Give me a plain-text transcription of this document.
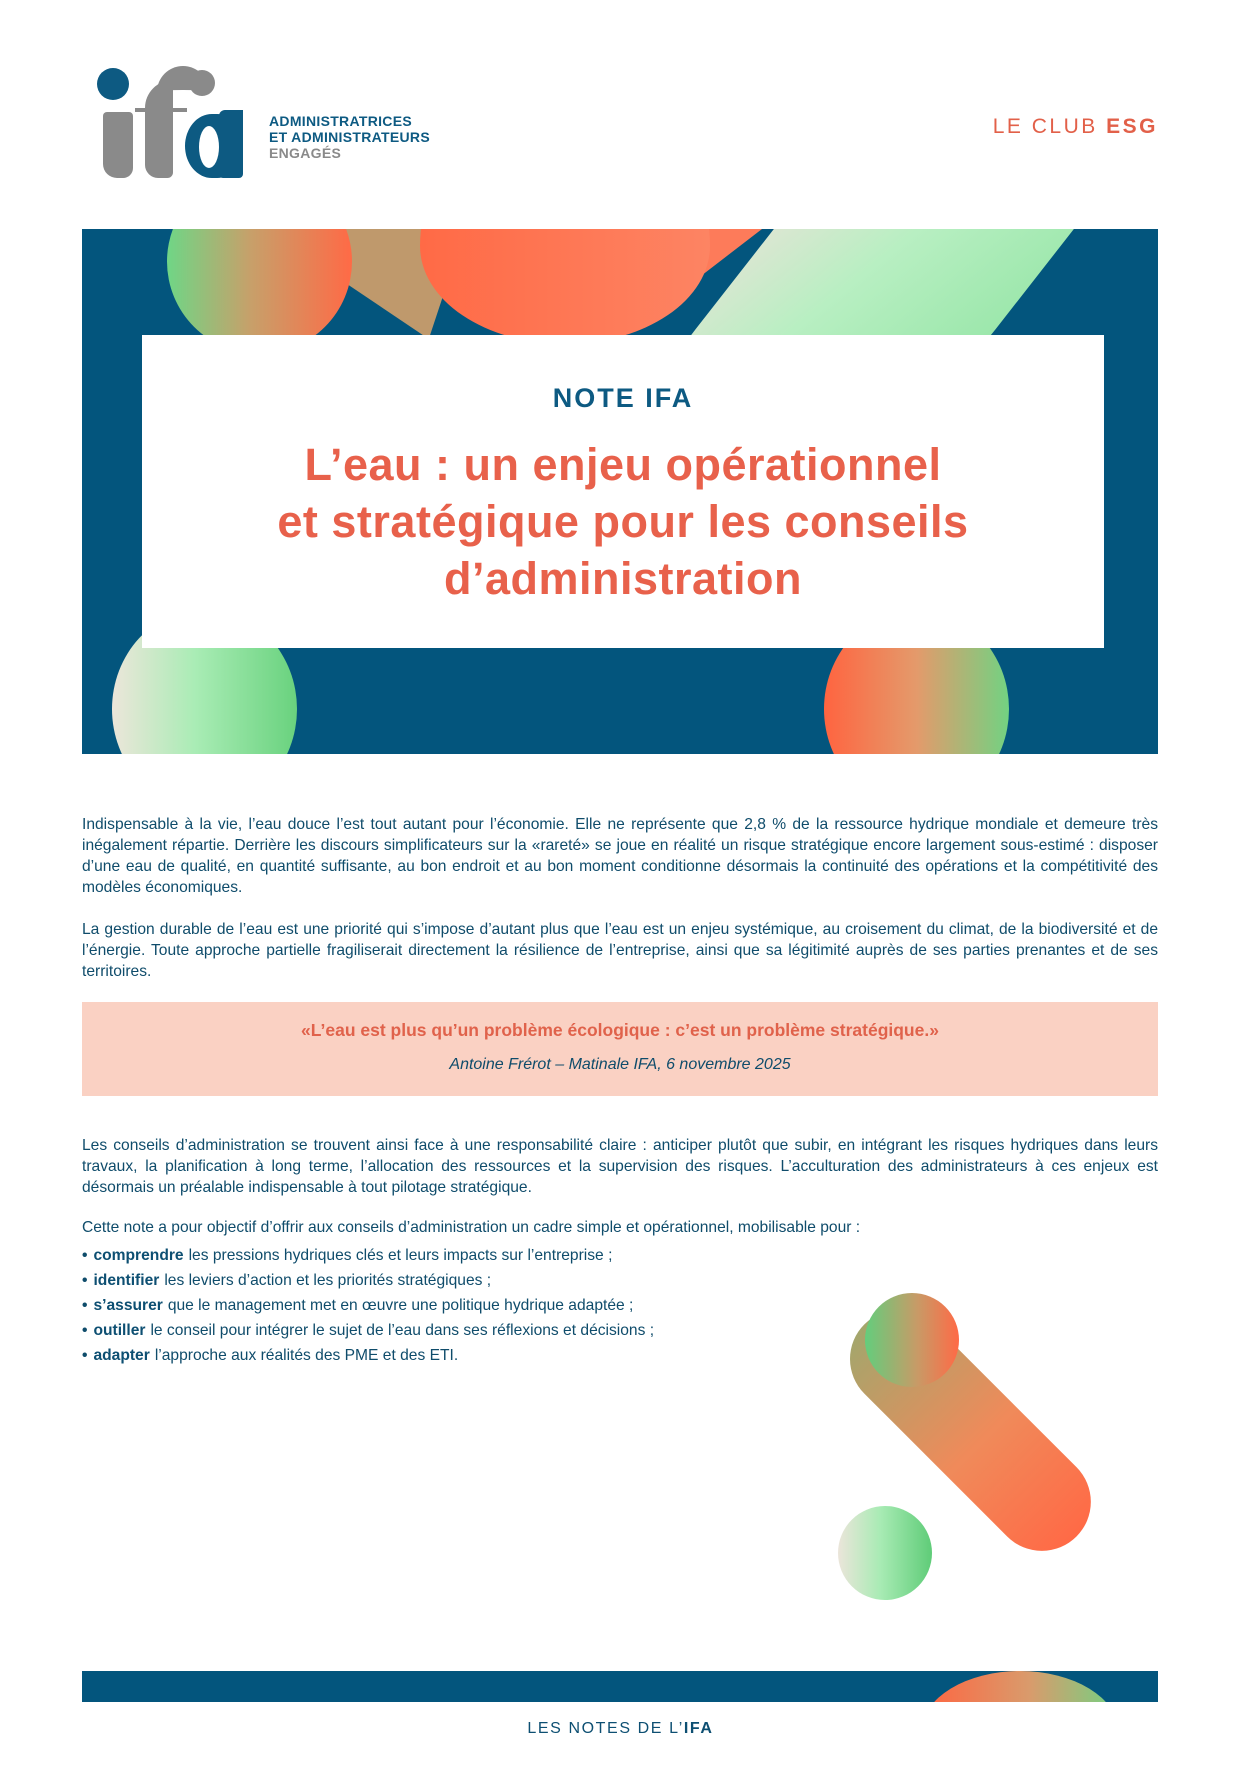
ADMINISTRATRICES
ET ADMINISTRATEURS
ENGAGÉS
LE CLUB ESG
NOTE IFA
L’eau : un enjeu opérationnel
et stratégique pour les conseils
d’administration

Indispensable à la vie, l’eau douce l’est tout autant pour l’économie. Elle ne représente que 2,8 % de la ressource hydrique mondiale et demeure très inégalement répartie. Derrière les discours simplificateurs sur la «rareté» se joue en réalité un risque stratégique encore largement sous-estimé : disposer d’une eau de qualité, en quantité suffisante, au bon endroit et au bon moment conditionne désormais la continuité des opérations et la compétitivité des modèles économiques.

La gestion durable de l’eau est une priorité qui s’impose d’autant plus que l’eau est un enjeu systémique, au croisement du climat, de la biodiversité et de l’énergie. Toute approche partielle fragiliserait directement la résilience de l’entreprise, ainsi que sa légitimité auprès de ses parties prenantes et de ses territoires.

«L’eau est plus qu’un problème écologique : c’est un problème stratégique.»
Antoine Frérot – Matinale IFA, 6 novembre 2025

Les conseils d’administration se trouvent ainsi face à une responsabilité claire : anticiper plutôt que subir, en intégrant les risques hydriques dans leurs travaux, la planification à long terme, l’allocation des ressources et la supervision des risques. L’acculturation des administrateurs à ces enjeux est désormais un préalable indispensable à tout pilotage stratégique.

Cette note a pour objectif d’offrir aux conseils d’administration un cadre simple et opérationnel, mobilisable pour :

• comprendre les pressions hydriques clés et leurs impacts sur l’entreprise ;
• identifier les leviers d’action et les priorités stratégiques ;
• s’assurer que le management met en œuvre une politique hydrique adaptée ;
• outiller le conseil pour intégrer le sujet de l’eau dans ses réflexions et décisions ;
• adapter l’approche aux réalités des PME et des ETI.
LES NOTES DE L’IFA
